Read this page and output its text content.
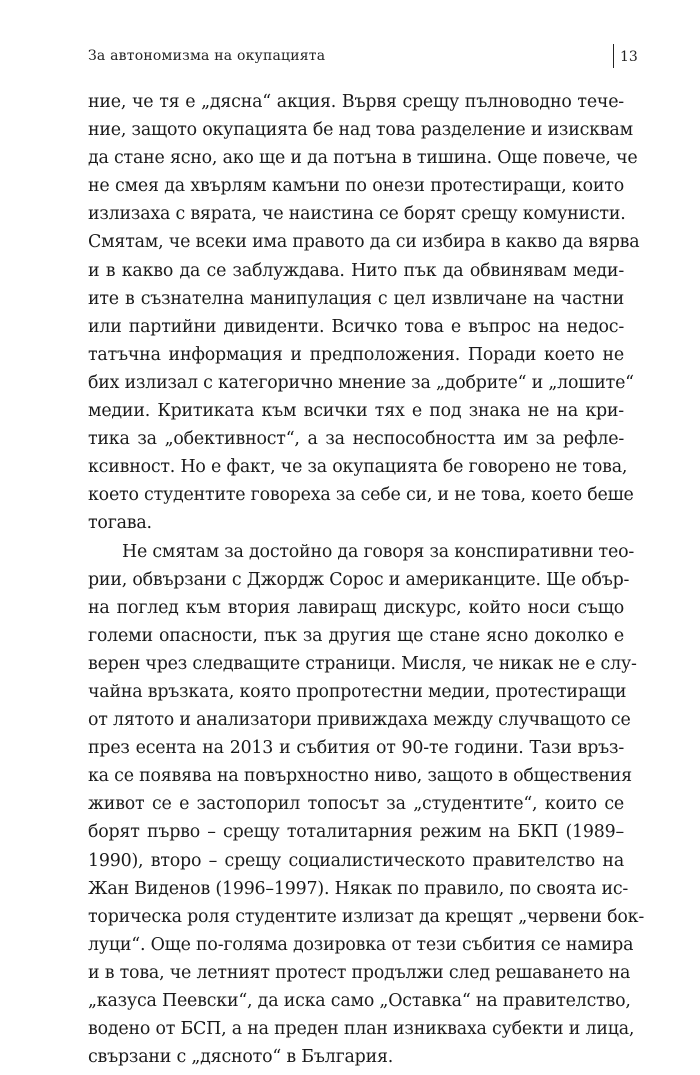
За автономизма на окупацията	13
ние, че тя е „дясна“ акция. Вървя срещу пълноводно тече-
ние, защото окупацията бе над това разделение и изисквам
да стане ясно, ако ще и да потъна в тишина. Още повече, че
не смея да хвърлям камъни по онези протестиращи, които
излизаха с вярата, че наистина се борят срещу комунисти.
Смятам, че всеки има правото да си избира в какво да вярва
и в какво да се заблуждава. Нито пък да обвинявам меди-
ите в съзнателна манипулация с цел извличане на частни
или партийни дивиденти. Всичко това е въпрос на недос-
татъчна информация и предположения. Поради което не
бих излизал с категорично мнение за „добрите“ и „лошите“
медии. Критиката към всички тях е под знака не на кри-
тика за „обективност“, а за неспособността им за рефле-
ксивност. Но е факт, че за окупацията бе говорено не това,
което студентите говореха за себе си, и не това, което беше
тогава.
Не смятам за достойно да говоря за конспиративни тео-
рии, обвързани с Джордж Сорос и американците. Ще обър-
на поглед към втория лавиращ дискурс, който носи също
големи опасности, пък за другия ще стане ясно доколко е
верен чрез следващите страници. Мисля, че никак не е слу-
чайна връзката, която пропротестни медии, протестиращи
от лятото и анализатори привиждаха между случващото се
през есента на 2013 и събития от 90-те години. Тази връз-
ка се появява на повърхностно ниво, защото в обществения
живот се е застопорил топосът за „студентите“, които се
борят първо – срещу тоталитарния режим на БКП (1989–
1990), второ – срещу социалистическото правителство на
Жан Виденов (1996–1997). Някак по правило, по своята ис-
торическа роля студентите излизат да крещят „червени бок-
луци“. Още по-голяма дозировка от тези събития се намира
и в това, че летният протест продължи след решаването на
„казуса Пеевски“, да иска само „Оставка“ на правителство,
водено от БСП, а на преден план изникваха субекти и лица,
свързани с „дясното“ в България.
